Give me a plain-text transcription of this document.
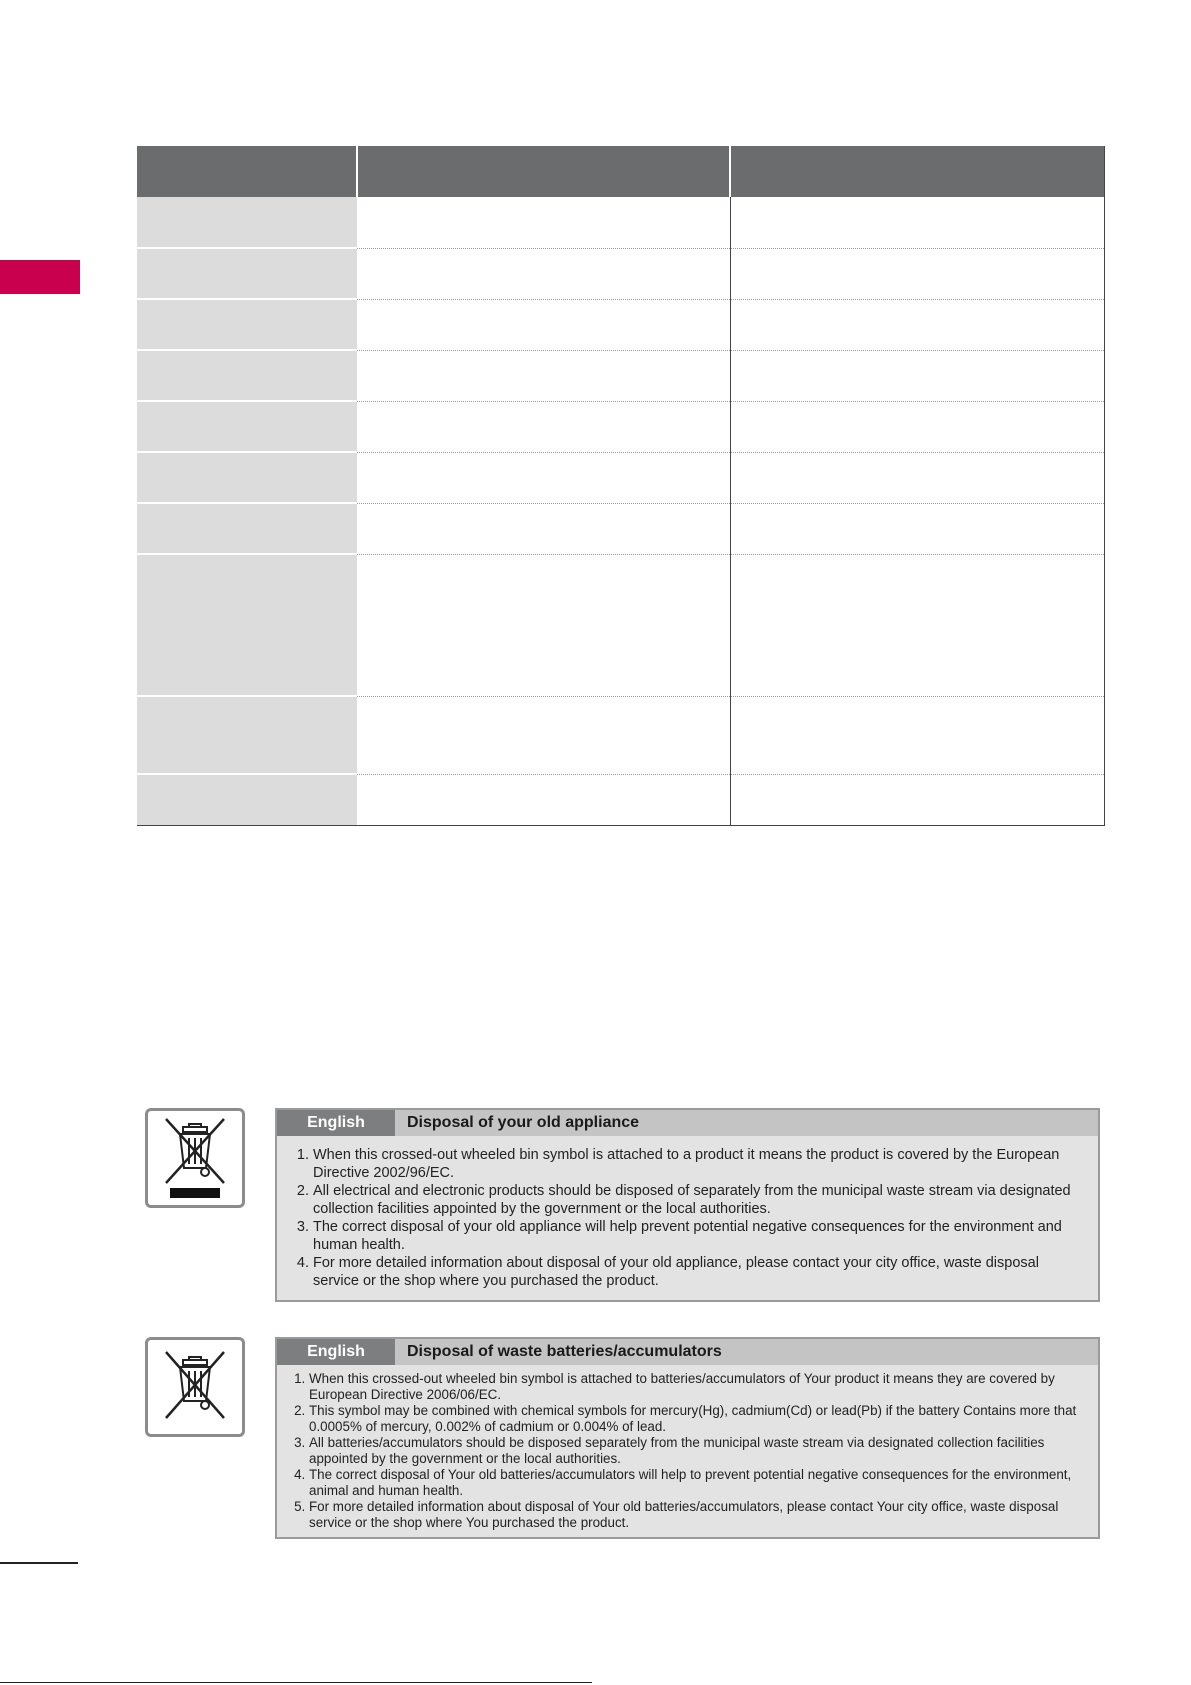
English	Disposal of your old appliance
1. When this crossed-out wheeled bin symbol is attached to a product it means the product is covered by the European Directive 2002/96/EC.
2. All electrical and electronic products should be disposed of separately from the municipal waste stream via designated collection facilities appointed by the government or the local authorities.
3. The correct disposal of your old appliance will help prevent potential negative consequences for the environment and human health.
4. For more detailed information about disposal of your old appliance, please contact your city office, waste disposal service or the shop where you purchased the product.
English	Disposal of waste batteries/accumulators
1. When this crossed-out wheeled bin symbol is attached to batteries/accumulators of Your product it means they are covered by European Directive 2006/06/EC.
2. This symbol may be combined with chemical symbols for mercury(Hg), cadmium(Cd) or lead(Pb) if the battery Contains more that 0.0005% of mercury, 0.002% of cadmium or 0.004% of lead.
3. All batteries/accumulators should be disposed separately from the municipal waste stream via designated collection facilities appointed by the government or the local authorities.
4. The correct disposal of Your old batteries/accumulators will help to prevent potential negative consequences for the environment, animal and human health.
5. For more detailed information about disposal of Your old batteries/accumulators, please contact Your city office, waste disposal service or the shop where You purchased the product.
